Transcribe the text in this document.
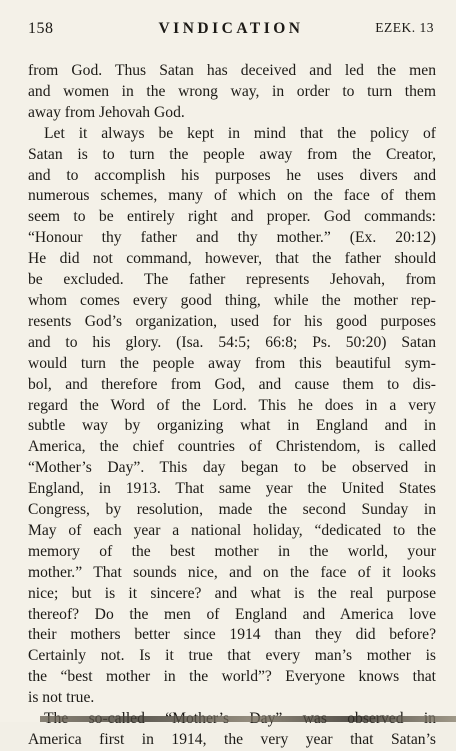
158	VINDICATION	EZEK. 13
from God. Thus Satan has deceived and led the men
and women in the wrong way, in order to turn them
away from Jehovah God.
Let it always be kept in mind that the policy of
Satan is to turn the people away from the Creator,
and to accomplish his purposes he uses divers and
numerous schemes, many of which on the face of them
seem to be entirely right and proper. God commands:
“Honour thy father and thy mother.” (Ex. 20:12)
He did not command, however, that the father should
be excluded. The father represents Jehovah, from
whom comes every good thing, while the mother rep-
resents God’s organization, used for his good purposes
and to his glory. (Isa. 54:5; 66:8; Ps. 50:20) Satan
would turn the people away from this beautiful sym-
bol, and therefore from God, and cause them to dis-
regard the Word of the Lord. This he does in a very
subtle way by organizing what in England and in
America, the chief countries of Christendom, is called
“Mother’s Day”. This day began to be observed in
England, in 1913. That same year the United States
Congress, by resolution, made the second Sunday in
May of each year a national holiday, “dedicated to the
memory of the best mother in the world, your
mother.” That sounds nice, and on the face of it looks
nice; but is it sincere? and what is the real purpose
thereof? Do the men of England and America love
their mothers better since 1914 than they did before?
Certainly not. Is it true that every man’s mother is
the “best mother in the world”? Everyone knows that
is not true.
America first in 1914, the very year that Satan’s
